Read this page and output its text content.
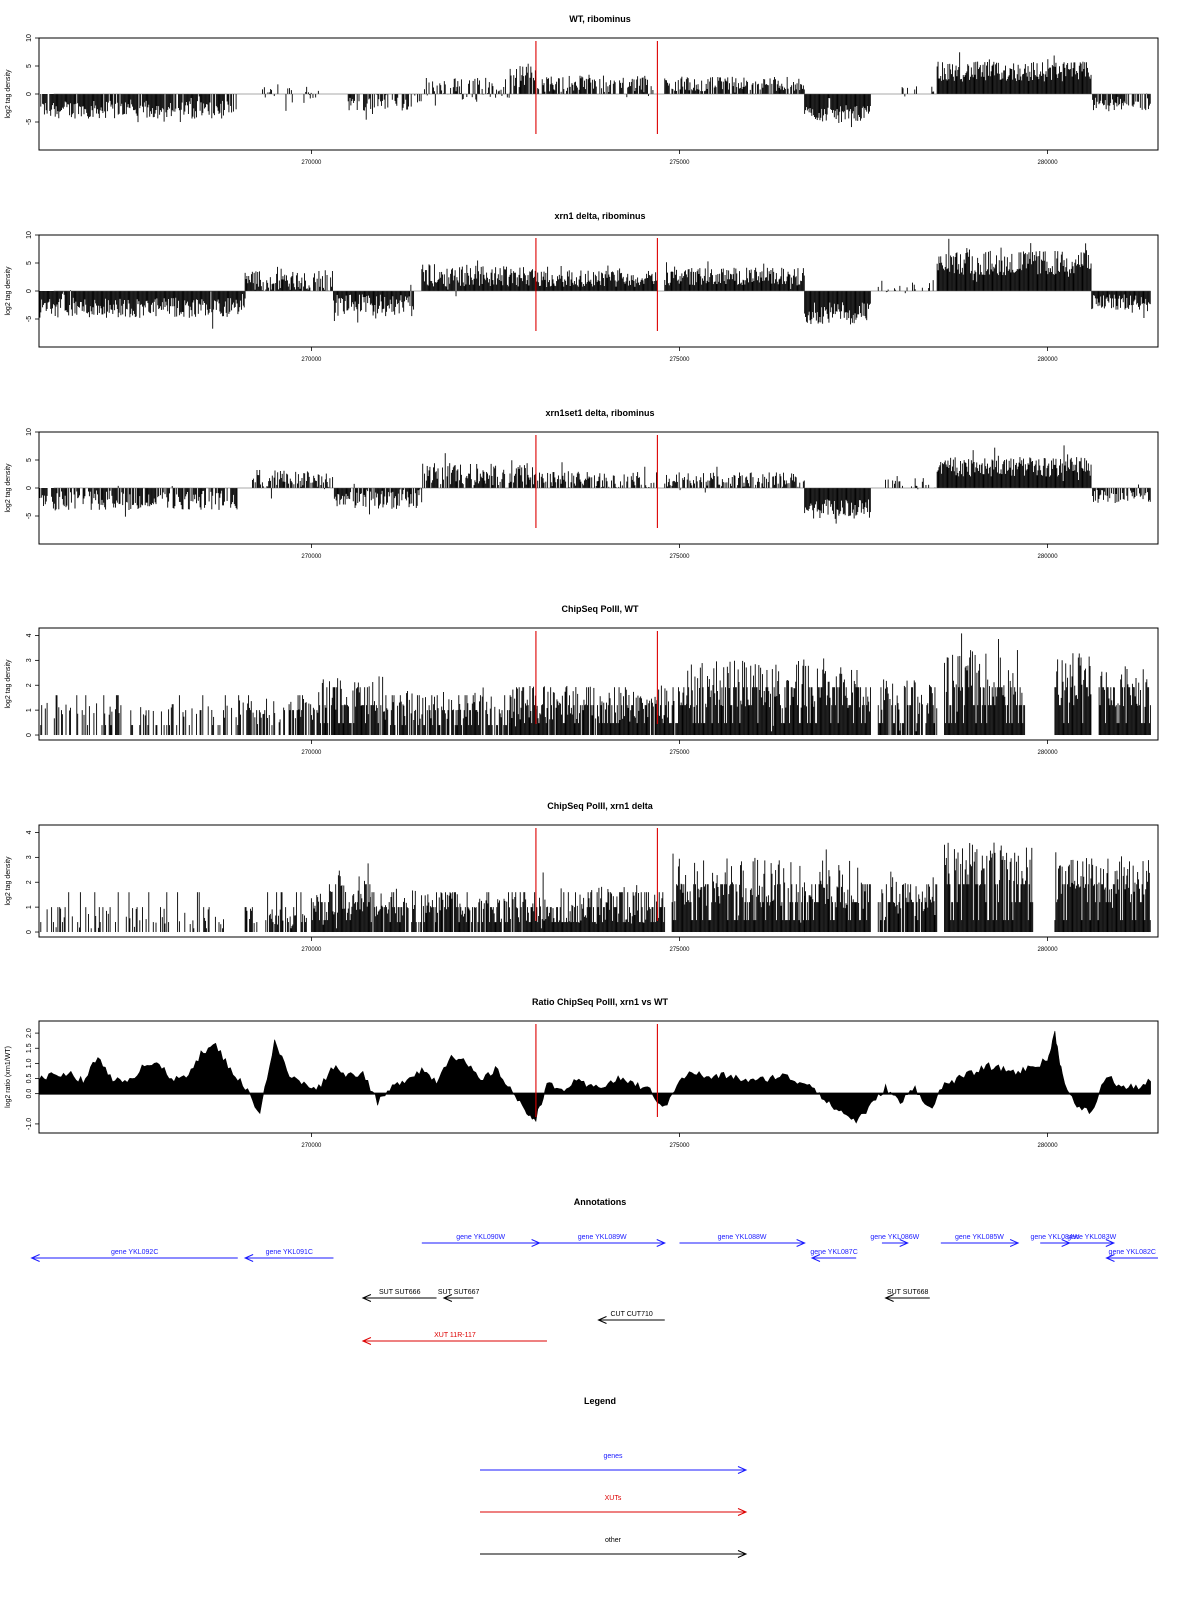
WT, ribominus
log2 tag density
-5
0
5
10
270000	275000	280000
xrn1 delta, ribominus
log2 tag density
-5
0
5
10
270000	275000	280000
xrn1set1 delta, ribominus
log2 tag density
-5
0
5
10
270000	275000	280000
ChipSeq PolII, WT
log2 tag density
0
1
2
3
4
270000	275000	280000
ChipSeq PolII, xrn1 delta
log2 tag density
0
1
2
3
4
270000	275000	280000
Ratio ChipSeq PolII, xrn1 vs WT
log2 ratio (xrn1/WT)
-1.0
0.0
0.5
1.0
1.5
2.0
270000	275000	280000
Annotations
gene YKL092C	gene YKL091C
gene YKL090W	gene YKL089W	gene YKL088W
gene YKL087C
gene YKL086W	gene YKL085W	gene YKL084W
gene YKL083W
gene YKL082C
SUT SUT666 SUT SUT667
CUT CUT710
SUT SUT668
XUT 11R-117
Legend
genes
XUTs
other
